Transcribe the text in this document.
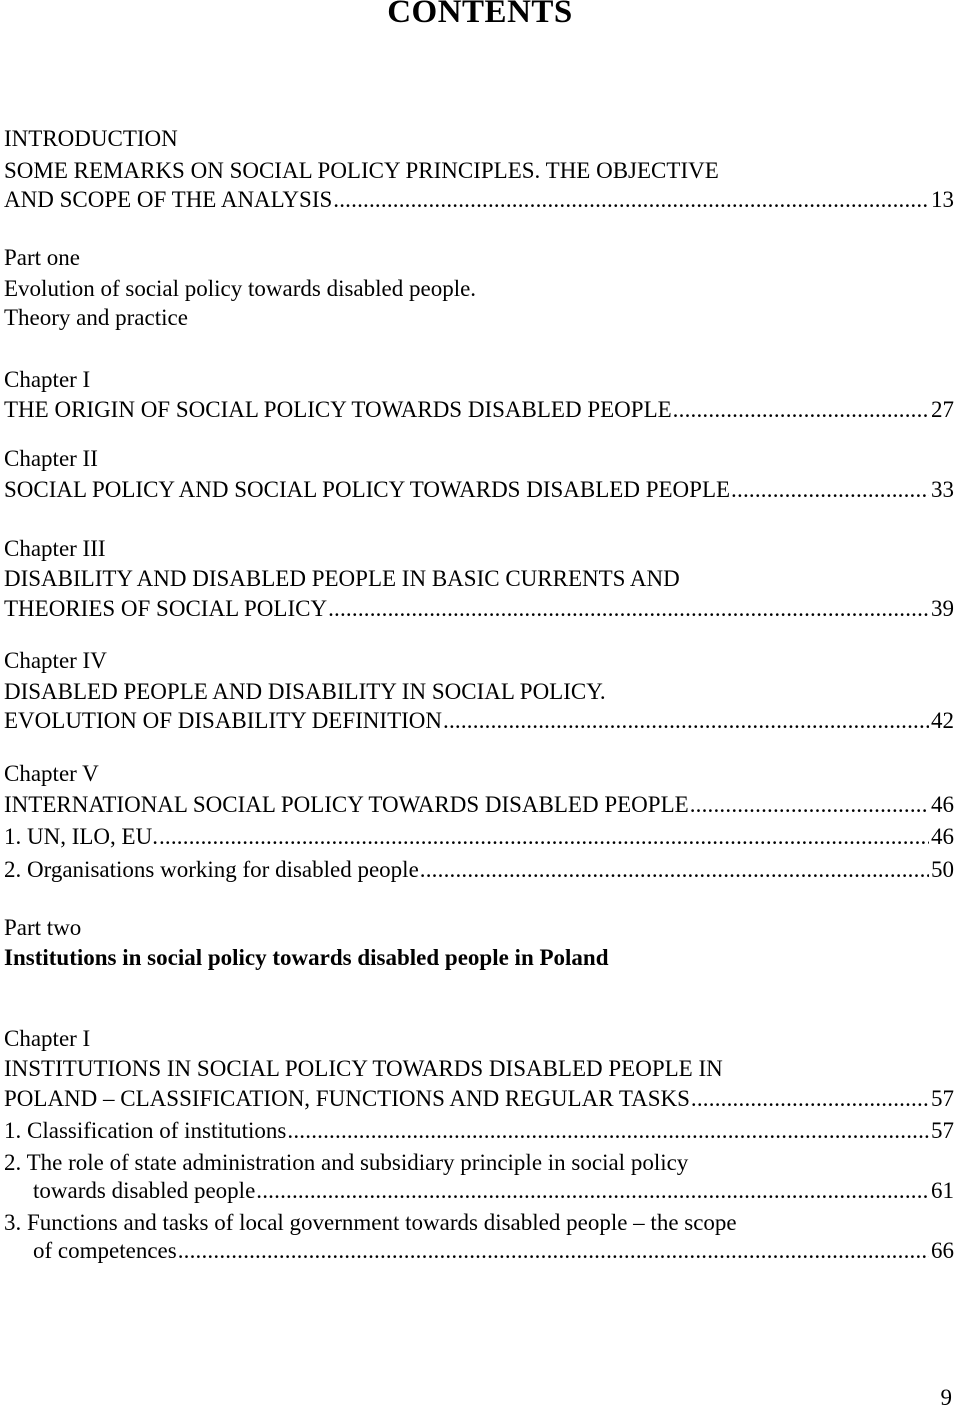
CONTENTS
INTRODUCTION
SOME REMARKS ON SOCIAL POLICY PRINCIPLES. THE OBJECTIVE
AND SCOPE OF THE ANALYSIS .....	13
Part one
Evolution of social policy towards disabled people.
Theory and practice
Chapter I
THE ORIGIN OF SOCIAL POLICY TOWARDS DISABLED PEOPLE .....	27
Chapter II
SOCIAL POLICY AND SOCIAL POLICY TOWARDS DISABLED PEOPLE .....	33
Chapter III
DISABILITY AND DISABLED PEOPLE IN BASIC CURRENTS AND
THEORIES OF SOCIAL POLICY .....	39
Chapter IV
DISABLED PEOPLE AND DISABILITY IN SOCIAL POLICY.
EVOLUTION OF DISABILITY DEFINITION .....	42
Chapter V
INTERNATIONAL SOCIAL POLICY TOWARDS DISABLED PEOPLE .....	46
1. UN, ILO, EU. .....	46
2. Organisations working for disabled people .....	50
Part two
Institutions in social policy towards disabled people in Poland
Chapter I
INSTITUTIONS IN SOCIAL POLICY TOWARDS DISABLED PEOPLE IN
POLAND – CLASSIFICATION, FUNCTIONS AND REGULAR TASKS .....	57
1. Classification of institutions .....	57
2. The role of state administration and subsidiary principle in social policy
towards disabled people .....	61
3. Functions and tasks of local government towards disabled people – the scope
of competences .....	66
9
